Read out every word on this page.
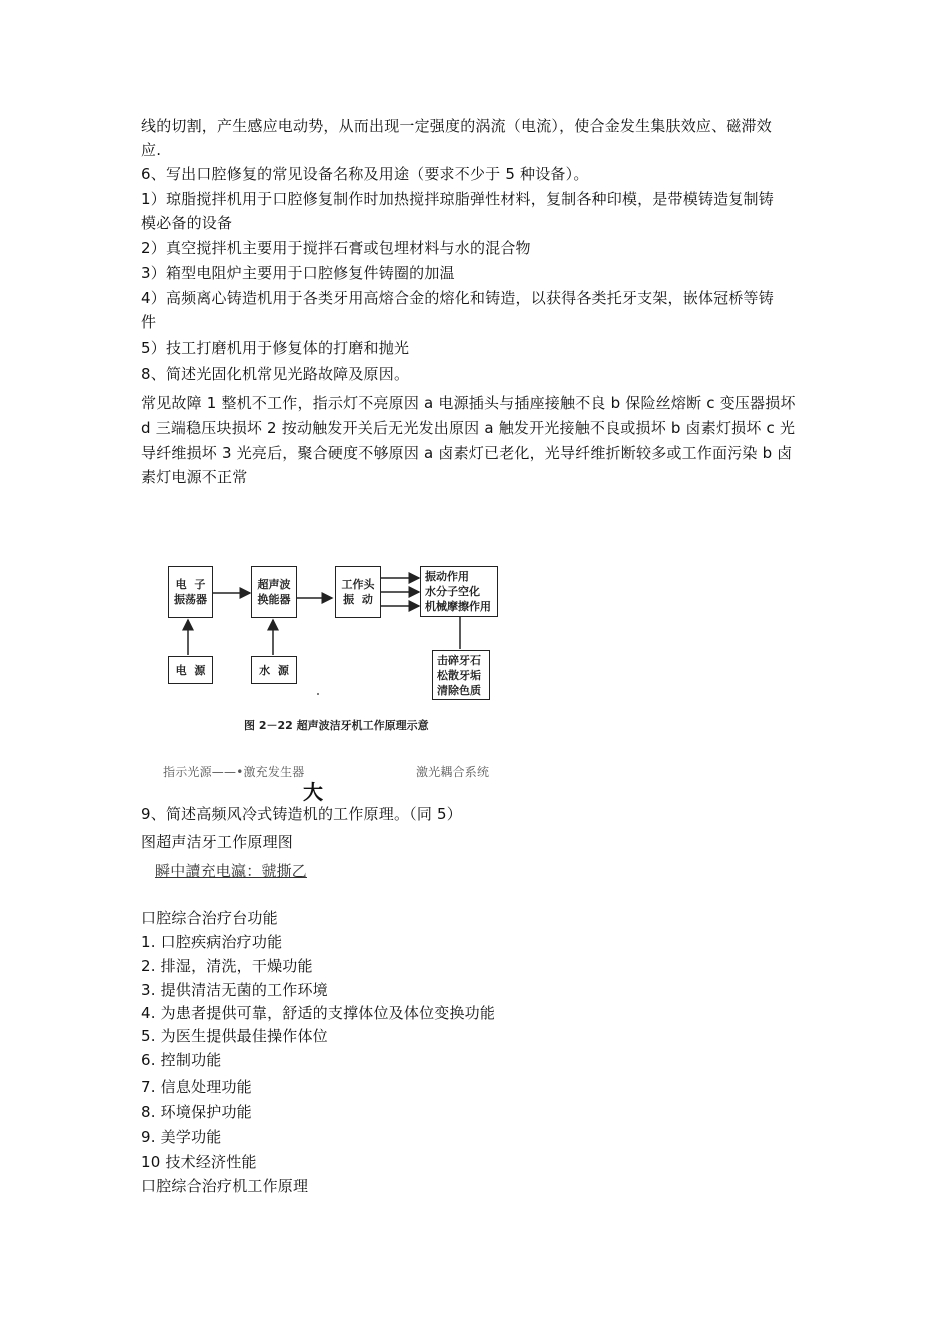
线的切割，产生感应电动势，从而出现一定强度的涡流（电流），使合金发生集肤效应、磁滞效
应.
6、写出口腔修复的常见设备名称及用途（要求不少于 5 种设备）。
1）琼脂搅拌机用于口腔修复制作时加热搅拌琼脂弹性材料，复制各种印模，是带模铸造复制铸
模必备的设备
2）真空搅拌机主要用于搅拌石膏或包埋材料与水的混合物
3）箱型电阻炉主要用于口腔修复件铸圈的加温
4）高频离心铸造机用于各类牙用高熔合金的熔化和铸造，以获得各类托牙支架，嵌体冠桥等铸
件
5）技工打磨机用于修复体的打磨和抛光
8、简述光固化机常见光路故障及原因。
常见故障 1 整机不工作，指示灯不亮原因 a 电源插头与插座接触不良 b 保险丝熔断 c 变压器损坏
d 三端稳压块损坏 2 按动触发开关后无光发出原因 a 触发开光接触不良或损坏 b 卤素灯损坏 c 光
导纤维损坏 3 光亮后，聚合硬度不够原因 a 卤素灯已老化，光导纤维折断较多或工作面污染 b 卤
素灯电源不正常
电  子
振荡器
超声波
换能器
工作头
振  动
振动作用
水分子空化
机械摩擦作用
电  源	水  源
击碎牙石
松散牙垢
清除色质
图 2－22 超声波洁牙机工作原理示意
指示光源——•激充发生器	激光耦合系统
大
9、简述高频风冷式铸造机的工作原理。（同 5）
图超声洁牙工作原理图
瞬中讀充电瀛：虢撕乙
口腔综合治疗台功能
1. 口腔疾病治疗功能
2. 排湿，清洗，干燥功能
3. 提供清洁无菌的工作环境
4. 为患者提供可靠，舒适的支撑体位及体位变换功能
5. 为医生提供最佳操作体位
6. 控制功能
7. 信息处理功能
8. 环境保护功能
9. 美学功能
10 技术经济性能
口腔综合治疗机工作原理
